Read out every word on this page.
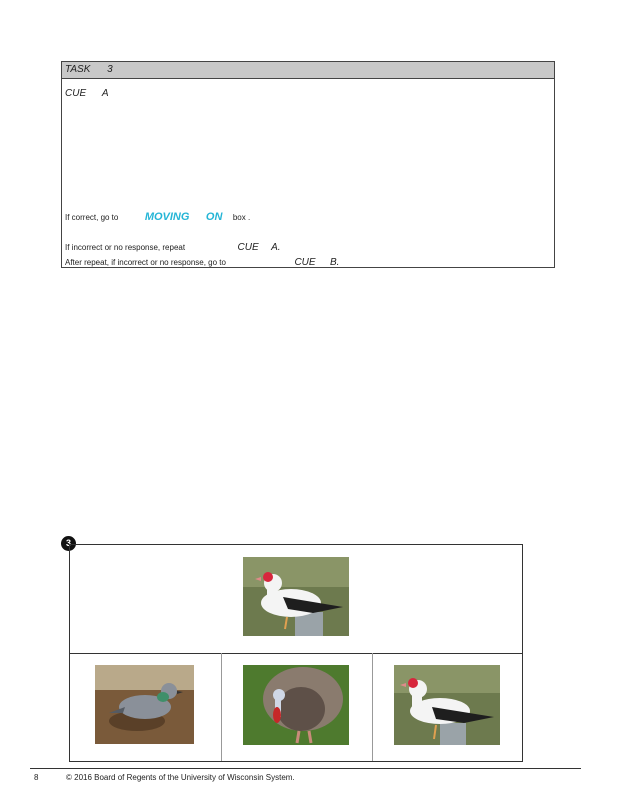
TASK 3
CUE A
If correct, go to MOVING ON box .
If incorrect or no response, repeat	CUE A.
After repeat, if incorrect or no response, go to	CUE B.
3
8	© 2016 Board of Regents of the University of Wisconsin System.
